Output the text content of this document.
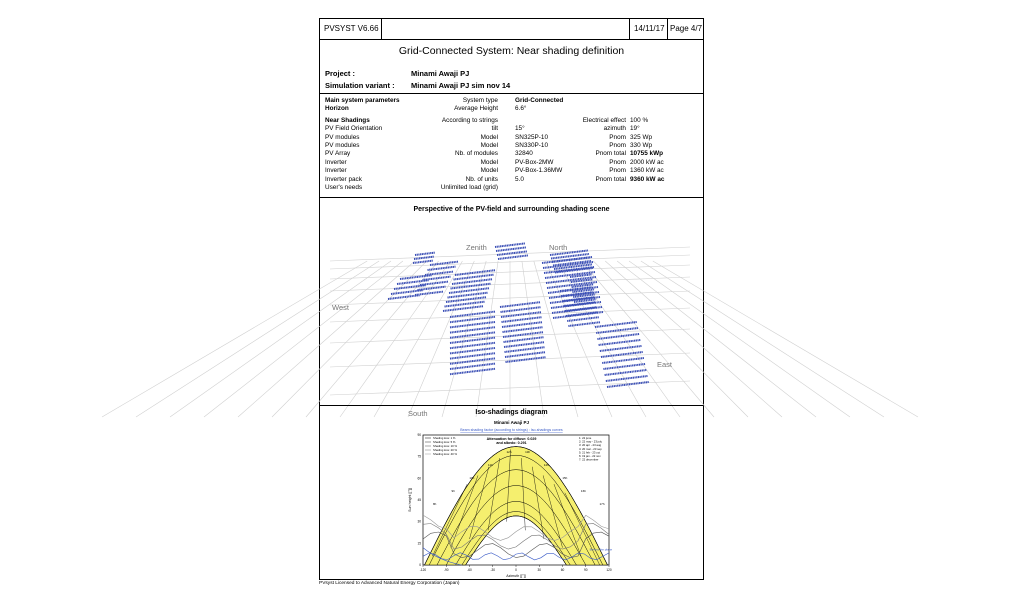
PVSYST V6.66	14/11/17 Page 4/7
Grid-Connected System: Near shading definition
Project :	Minami Awaji PJ
Simulation variant : Minami Awaji PJ sim nov 14
Main system parameters	System type	Grid-Connected
Horizon	Average Height	6.6°
Near Shadings	According to strings	Electrical effect 100 %
PV Field Orientation	tilt	15°	azimuth 19°
PV modules	Model	SN325P-10	Pnom 325 Wp
PV modules	Model	SN330P-10	Pnom 330 Wp
PV Array	Nb. of modules	32840	Pnom total 10755 kWp
Inverter	Model	PV-Box-2MW	Pnom 2000 kW ac
Inverter	Model	PV-Box-1.36MW	Pnom 1360 kW ac
Inverter pack	Nb. of units	5.0	Pnom total 9360 kW ac
User's needs	Unlimited load (grid)
Perspective of the PV-field and surrounding shading scene
Zenith	North
West
East
South	Iso-shadings diagram
Minami Awaji PJ
Beam shading factor (according to strings) : Iso-shadings curves
8h
9h
10h
11h
12h	13h
14h
15h
16h
17h
Behind the plane
-120	-90	-60	-30	0	30	60	90	120
90
75
60
45
30
15
0
Azimuth [[°]]
Sun height [[°]]
Shading loss: 1 %
Shading loss: 5 %
Shading loss: 10 %
Shading loss: 20 %
Shading loss: 40 %
Attenuation for diffuse: 0.029
and albedo: 0.291
1: 22 june
2: 22 may - 23 july
3: 20 apr - 23 aug
4: 20 mar - 23 sep
5: 21 feb - 23 oct
6: 19 jan - 22 nov
7: 22 december
PVsyst Licensed to Advanced Natural Energy Corporation (Japan)
